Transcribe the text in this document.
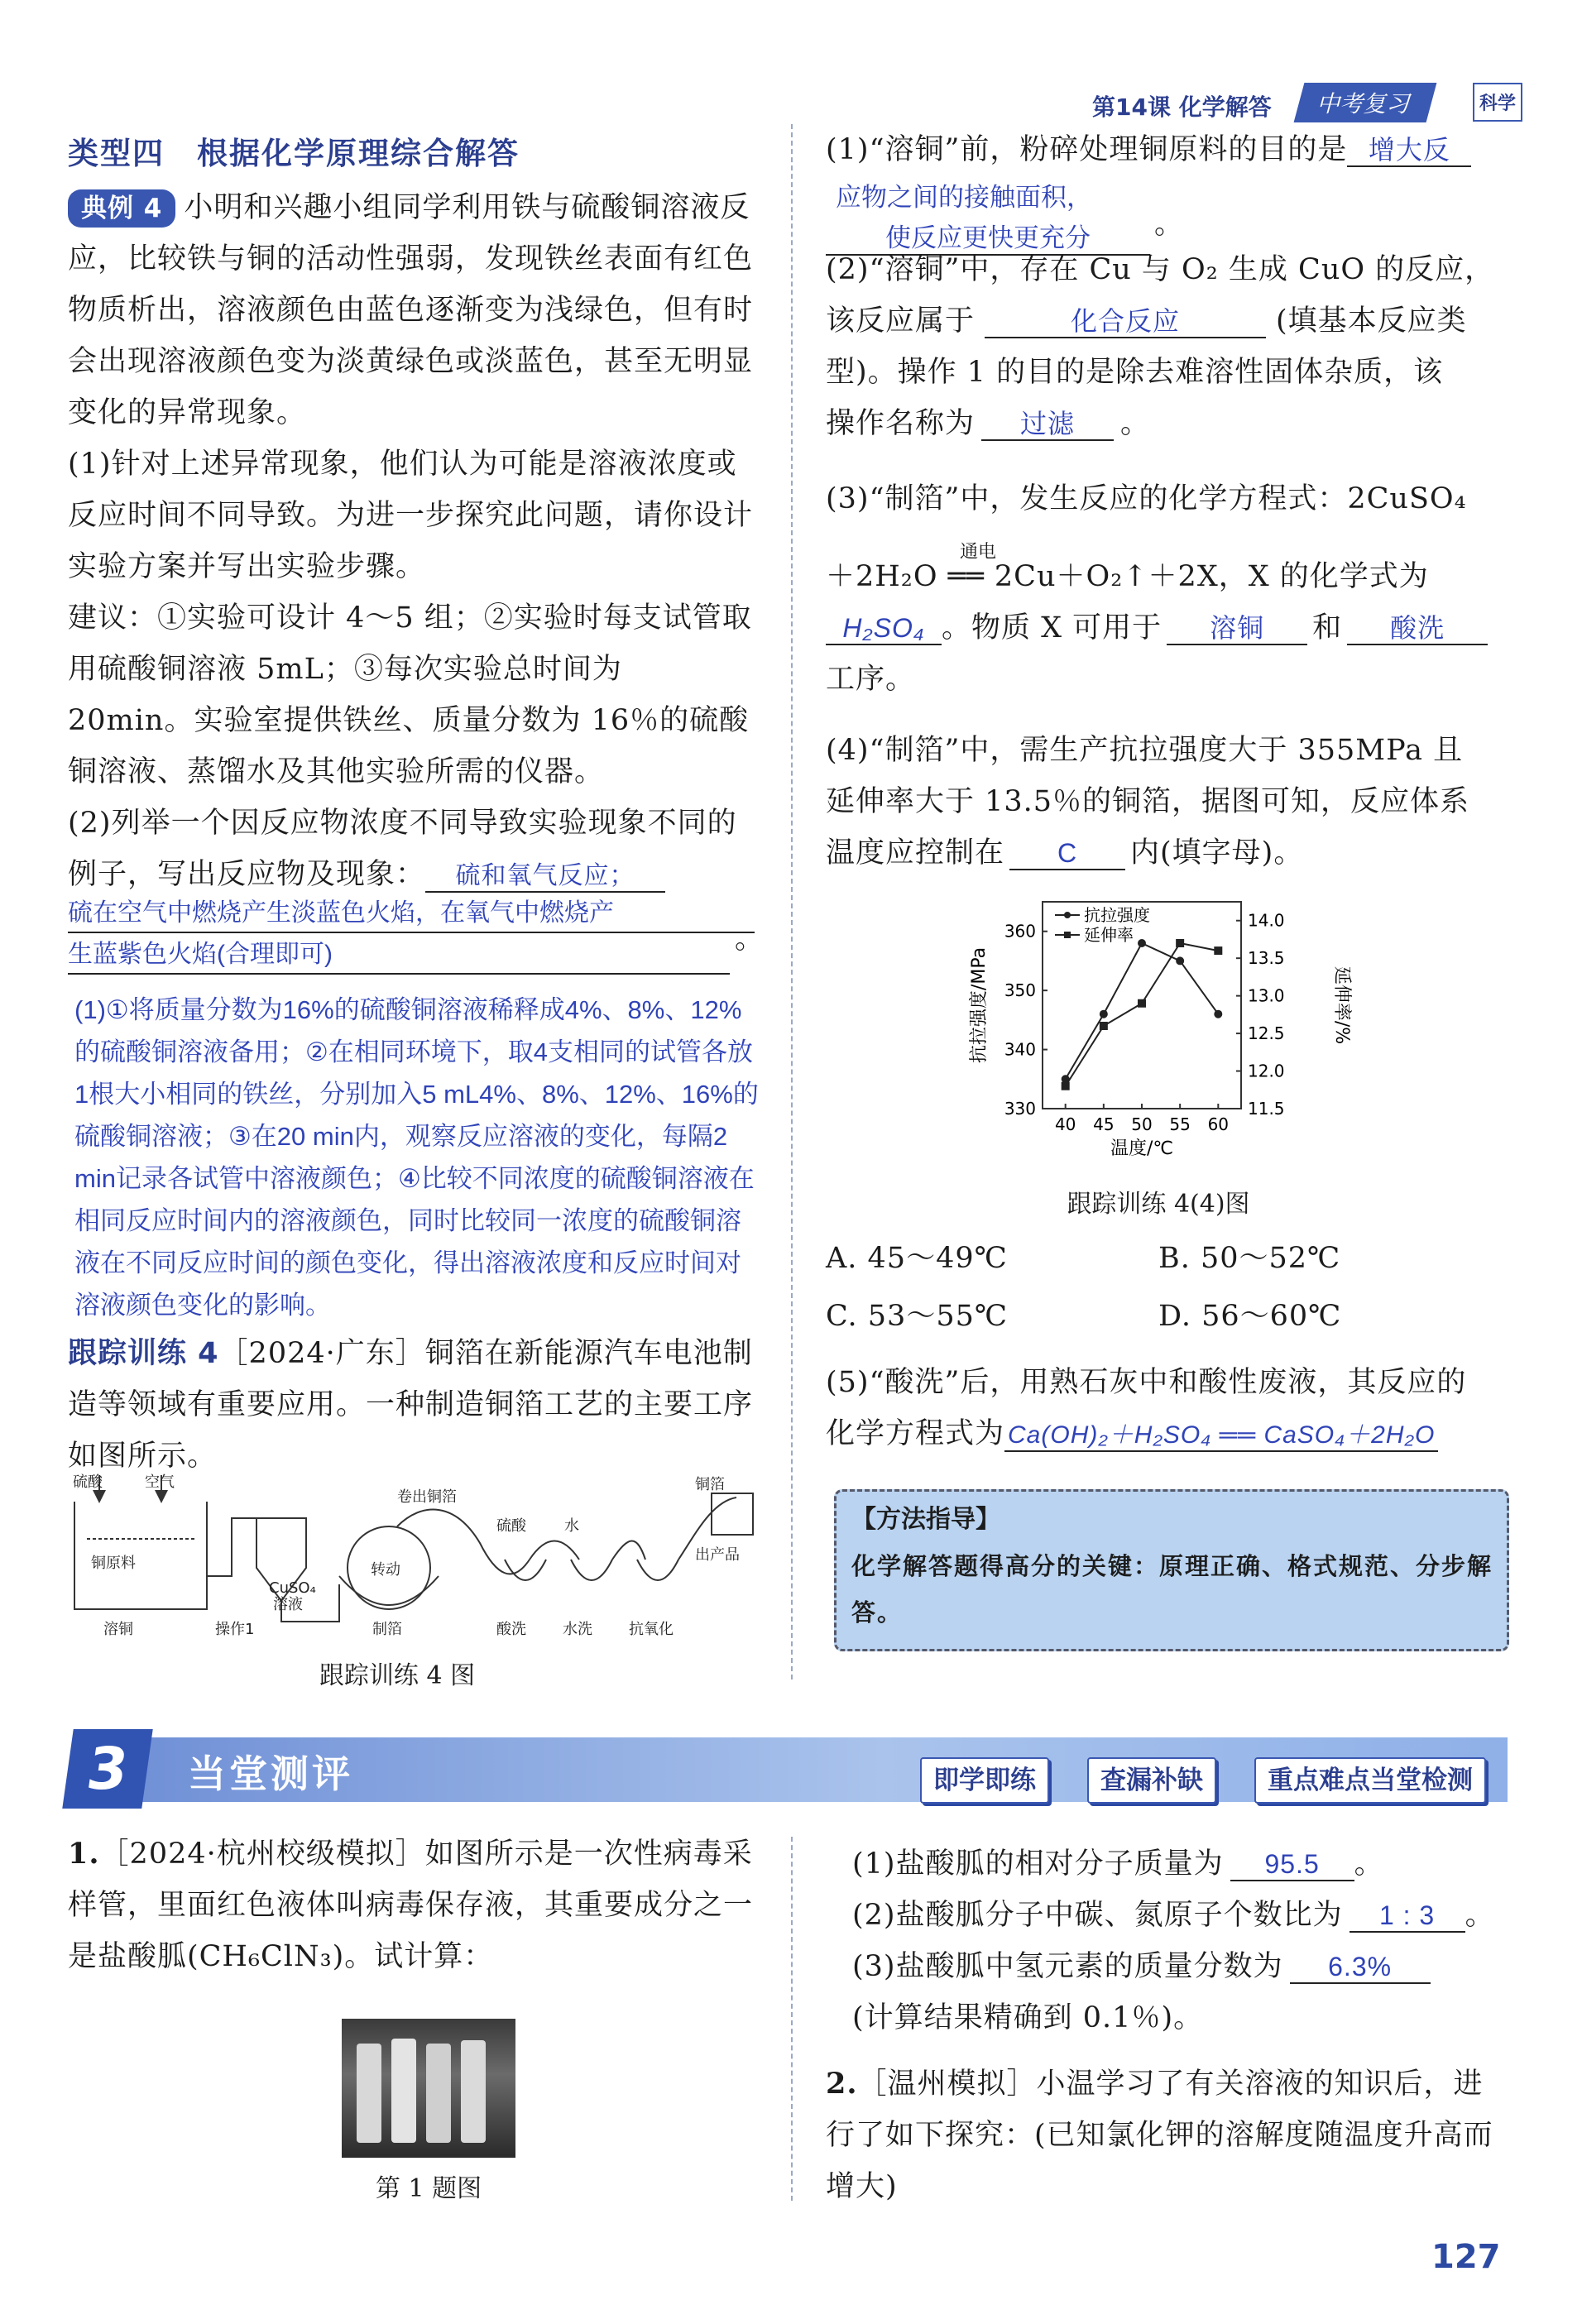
第14课 化学解答	中考复习	科学
类型四　根据化学原理综合解答
典例 4 小明和兴趣小组同学利用铁与硫酸铜溶液反应，比较铁与铜的活动性强弱，发现铁丝表面有红色物质析出，溶液颜色由蓝色逐渐变为浅绿色，但有时会出现溶液颜色变为淡黄绿色或淡蓝色，甚至无明显变化的异常现象。
(1)针对上述异常现象，他们认为可能是溶液浓度或反应时间不同导致。为进一步探究此问题，请你设计实验方案并写出实验步骤。
建议：①实验可设计 4～5 组；②实验时每支试管取用硫酸铜溶液 5mL；③每次实验总时间为 20min。实验室提供铁丝、质量分数为 16％的硫酸铜溶液、蒸馏水及其他实验所需的仪器。
(2)列举一个因反应物浓度不同导致实验现象不同的例子，写出反应物及现象： 硫和氧气反应；
硫在空气中燃烧产生淡蓝色火焰，在氧气中燃烧产
生蓝紫色火焰(合理即可)	。
(1)①将质量分数为16%的硫酸铜溶液稀释成4%、8%、12%的硫酸铜溶液备用；②在相同环境下，取4支相同的试管各放1根大小相同的铁丝，分别加入5 mL4%、8%、12%、16%的硫酸铜溶液；③在20 min内，观察反应溶液的变化，每隔2 min记录各试管中溶液颜色；④比较不同浓度的硫酸铜溶液在相同反应时间内的溶液颜色，同时比较同一浓度的硫酸铜溶液在不同反应时间的颜色变化，得出溶液浓度和反应时间对溶液颜色变化的影响。
跟踪训练 4［2024·广东］铜箔在新能源汽车电池制造等领域有重要应用。一种制造铜箔工艺的主要工序如图所示。
硫酸	空气
铜原料
溶铜	操作1
CuSO₄
溶液
卷出铜箔
转动
制箔
硫酸	水
铜箔
出产品
酸洗 水洗 抗氧化
跟踪训练 4 图
(1)“溶铜”前，粉碎处理铜原料的目的是 增大反
应物之间的接触面积，
使反应更快更充分	。
(2)“溶铜”中，存在 Cu 与 O₂ 生成 CuO 的反应，
该反应属于	化合反应	(填基本反应类
型)。操作 1 的目的是除去难溶性固体杂质，该
操作名称为 过滤 。
(3)“制箔”中，发生反应的化学方程式：2CuSO₄
通电
＋2H₂O ══ 2Cu＋O₂↑＋2X，X 的化学式为
H₂SO₄ 。物质 X 可用于 溶铜 和 酸洗
工序。
(4)“制箔”中，需生产抗拉强度大于 355MPa 且
延伸率大于 13.5％的铜箔，据图可知，反应体系
温度应控制在 C 内(填字母)。
40 45 50 55 60
330
340
350
360
11.5
12.0
12.5
13.0
13.5
14.0
抗拉强度
延伸率
温度/℃
抗拉强度/MPa	延伸率/%
跟踪训练 4(4)图
A. 45～49℃	B. 50～52℃
C. 53～55℃	D. 56～60℃
(5)“酸洗”后，用熟石灰中和酸性废液，其反应的
化学方程式为 Ca(OH)₂＋H₂SO₄ ══ CaSO₄＋2H₂O
【方法指导】
化学解答题得高分的关键：原理正确、格式规范、分步解答。
即学即练	查漏补缺	重点难点当堂检测
3	当堂测评
1.［2024·杭州校级模拟］如图所示是一次性病毒采样管，里面红色液体叫病毒保存液，其重要成分之一是盐酸胍(CH₆ClN₃)。试计算：
第 1 题图
(1)盐酸胍的相对分子质量为 95.5 。
(2)盐酸胍分子中碳、氮原子个数比为 1 : 3 。
(3)盐酸胍中氢元素的质量分数为 6.3%
(计算结果精确到 0.1％)。
2.［温州模拟］小温学习了有关溶液的知识后，进行了如下探究：(已知氯化钾的溶解度随温度升高而增大)
127
